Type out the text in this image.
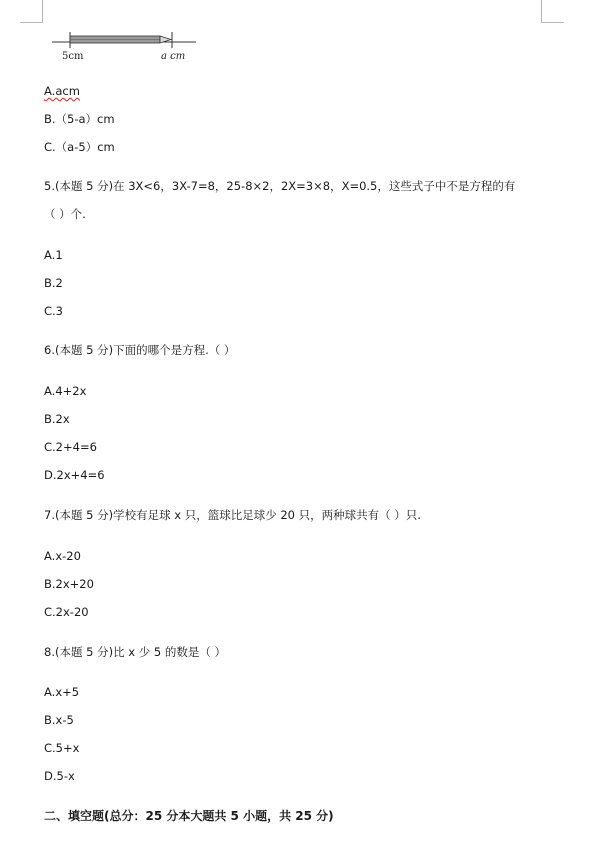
5cm	a cm
A.acm
B.（5-a）cm
C.（a-5）cm
5.(本题 5 分)在 3X<6，3X-7=8，25-8×2，2X=3×8，X=0.5，这些式子中不是方程的有
（ ）个.
A.1
B.2
C.3
6.(本题 5 分)下面的哪个是方程.（ ）
A.4+2x
B.2x
C.2+4=6
D.2x+4=6
7.(本题 5 分)学校有足球 x 只，篮球比足球少 20 只，两种球共有（ ）只.
A.x-20
B.2x+20
C.2x-20
8.(本题 5 分)比 x 少 5 的数是（ ）
A.x+5
B.x-5
C.5+x
D.5-x
二、填空题(总分：25 分本大题共 5 小题，共 25 分)
